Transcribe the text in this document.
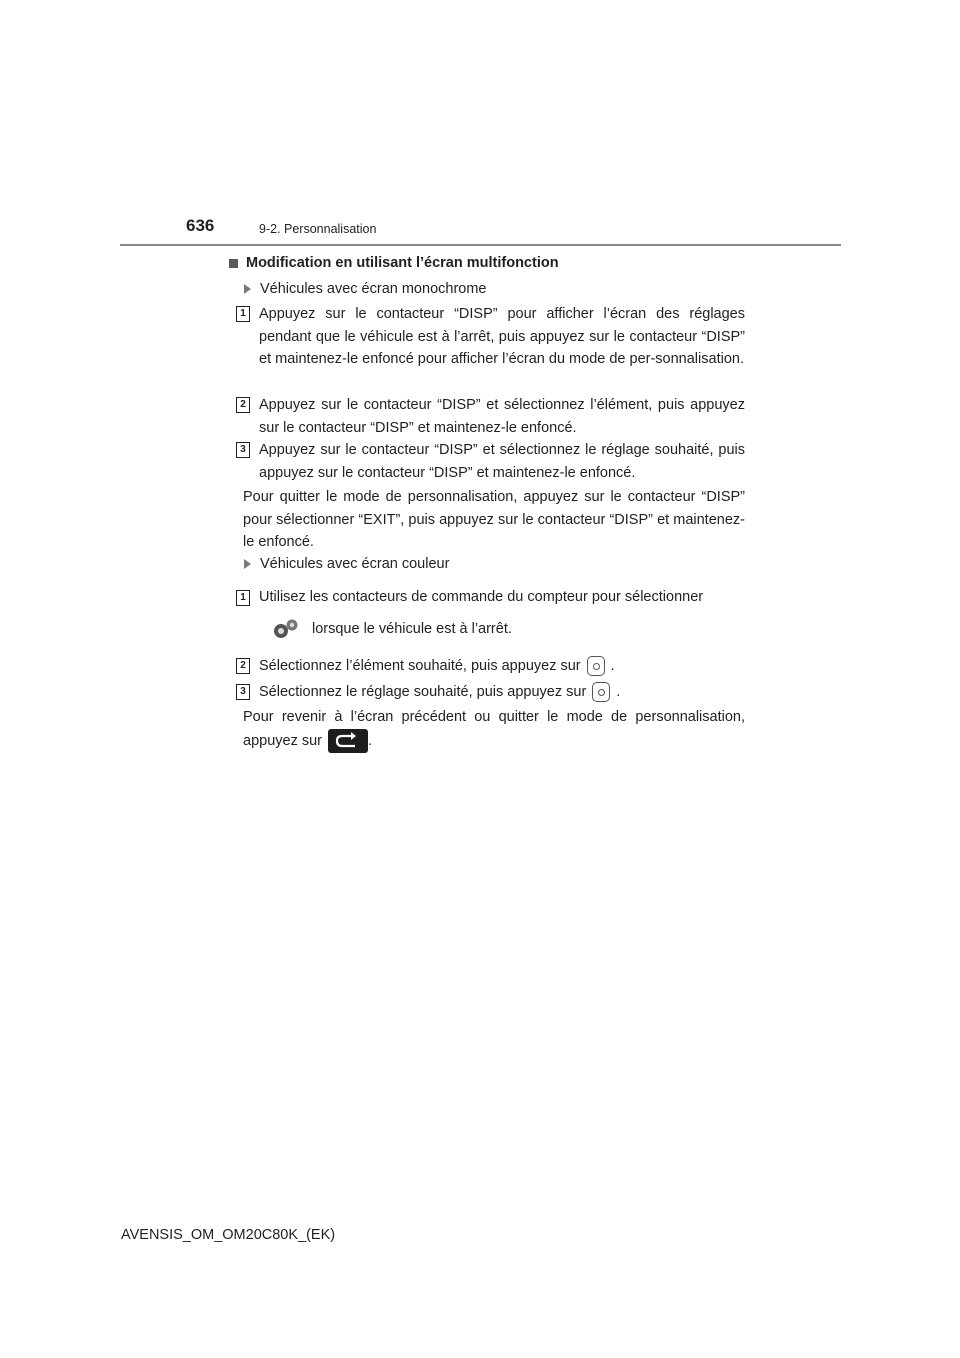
636	9-2. Personnalisation
Modification en utilisant l’écran multifonction
Véhicules avec écran monochrome
1 Appuyez sur le contacteur “DISP” pour afficher l’écran des réglages pendant que le véhicule est à l’arrêt, puis appuyez sur le contacteur “DISP” et maintenez-le enfoncé pour afficher l’écran du mode de per-sonnalisation.
2 Appuyez sur le contacteur “DISP” et sélectionnez l’élément, puis appuyez sur le contacteur “DISP” et maintenez-le enfoncé.
3 Appuyez sur le contacteur “DISP” et sélectionnez le réglage souhaité, puis appuyez sur le contacteur “DISP” et maintenez-le enfoncé.
Pour quitter le mode de personnalisation, appuyez sur le contacteur “DISP” pour sélectionner “EXIT”, puis appuyez sur le contacteur “DISP” et maintenez-le enfoncé.
Véhicules avec écran couleur
1 Utilisez les contacteurs de commande du compteur pour sélectionner
lorsque le véhicule est à l’arrêt.
2 Sélectionnez l’élément souhaité, puis appuyez sur .
3 Sélectionnez le réglage souhaité, puis appuyez sur .
Pour revenir à l’écran précédent ou quitter le mode de personnalisation, appuyez sur	.
AVENSIS_OM_OM20C80K_(EK)
